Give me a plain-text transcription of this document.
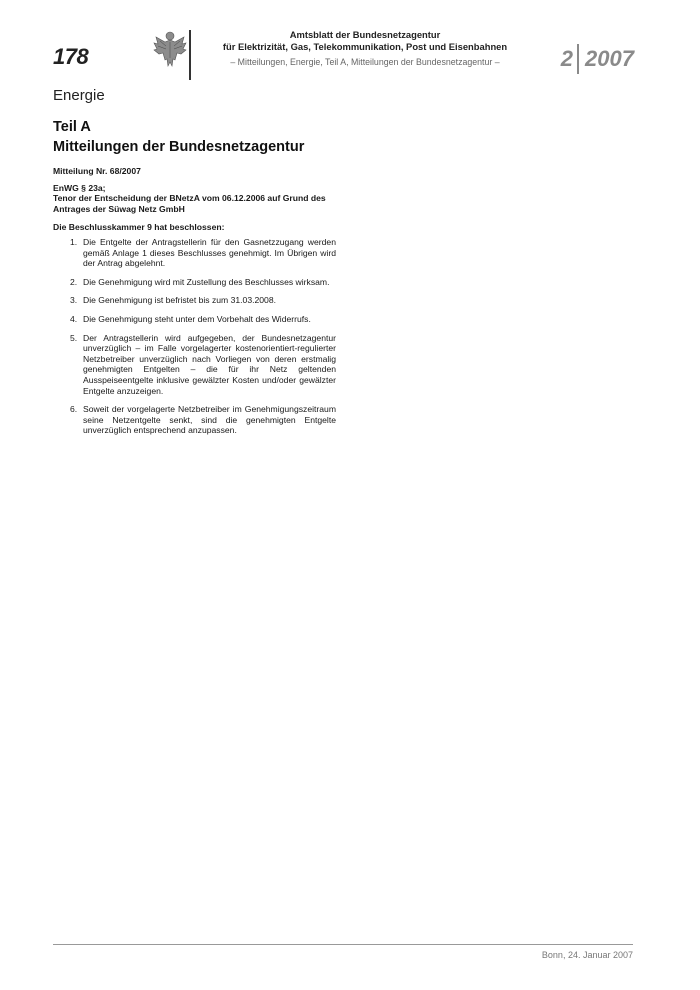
178
Amtsblatt der Bundesnetzagentur
für Elektrizität, Gas, Telekommunikation, Post und Eisenbahnen
– Mitteilungen, Energie, Teil A, Mitteilungen der Bundesnetzagentur –	2 2007
Energie
Teil A
Mitteilungen der Bundesnetzagentur
Mitteilung Nr. 68/2007
EnWG § 23a;
Tenor der Entscheidung der BNetzA vom 06.12.2006 auf Grund des Antrages der Süwag Netz GmbH
Die Beschlusskammer 9 hat beschlossen:
1. Die Entgelte der Antragstellerin für den Gasnetzzugang werden gemäß Anlage 1 dieses Beschlusses genehmigt. Im Übrigen wird der Antrag abgelehnt.
2. Die Genehmigung wird mit Zustellung des Beschlusses wirksam.
3. Die Genehmigung ist befristet bis zum 31.03.2008.
4. Die Genehmigung steht unter dem Vorbehalt des Widerrufs.
5. Der Antragstellerin wird aufgegeben, der Bundesnetzagentur unverzüglich – im Falle vorgelagerter kostenorientiert-regulierter Netzbetreiber unverzüglich nach Vorliegen von deren erstmalig genehmigten Entgelten – die für ihr Netz geltenden Ausspeiseentgelte inklusive gewälzter Kosten und/oder gewälzter Entgelte anzuzeigen.
6. Soweit der vorgelagerte Netzbetreiber im Genehmigungszeitraum seine Netzentgelte senkt, sind die genehmigten Entgelte unverzüglich entsprechend anzupassen.
Bonn, 24. Januar 2007
